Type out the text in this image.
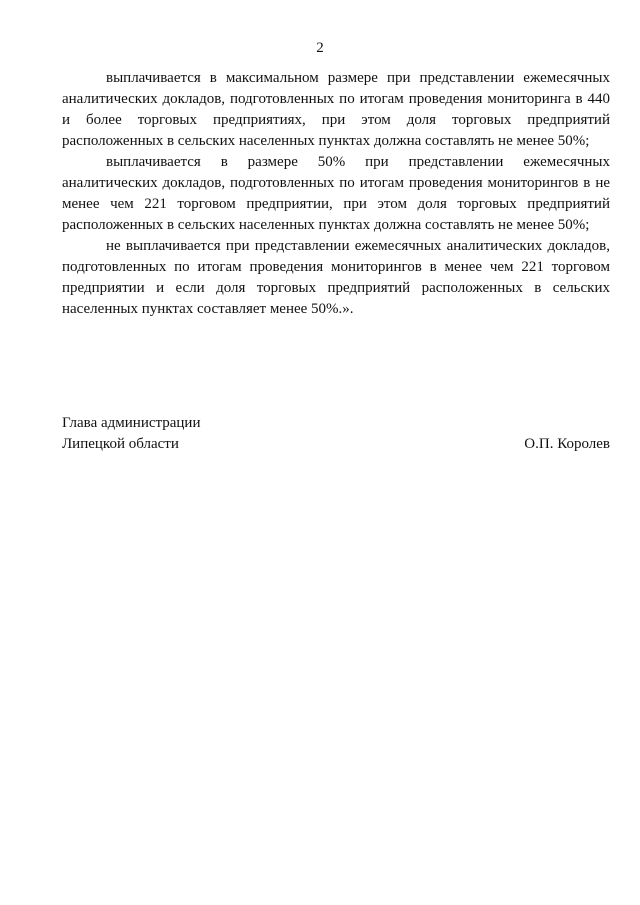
2

выплачивается в максимальном размере при представлении ежемесячных аналитических докладов, подготовленных по итогам проведения мониторинга в 440 и более торговых предприятиях, при этом доля торговых предприятий расположенных в сельских населенных пунктах должна составлять не менее 50%;

выплачивается в размере 50% при представлении ежемесячных аналитических докладов, подготовленных по итогам проведения мониторингов в не менее чем 221 торговом предприятии, при этом доля торговых предприятий расположенных в сельских населенных пунктах должна составлять не менее 50%;

не выплачивается при представлении ежемесячных аналитических докладов, подготовленных по итогам проведения мониторингов в менее чем 221 торговом предприятии и если доля торговых предприятий расположенных в сельских населенных пунктах составляет менее 50%.».

Глава администрации
Липецкой области	О.П. Королев
